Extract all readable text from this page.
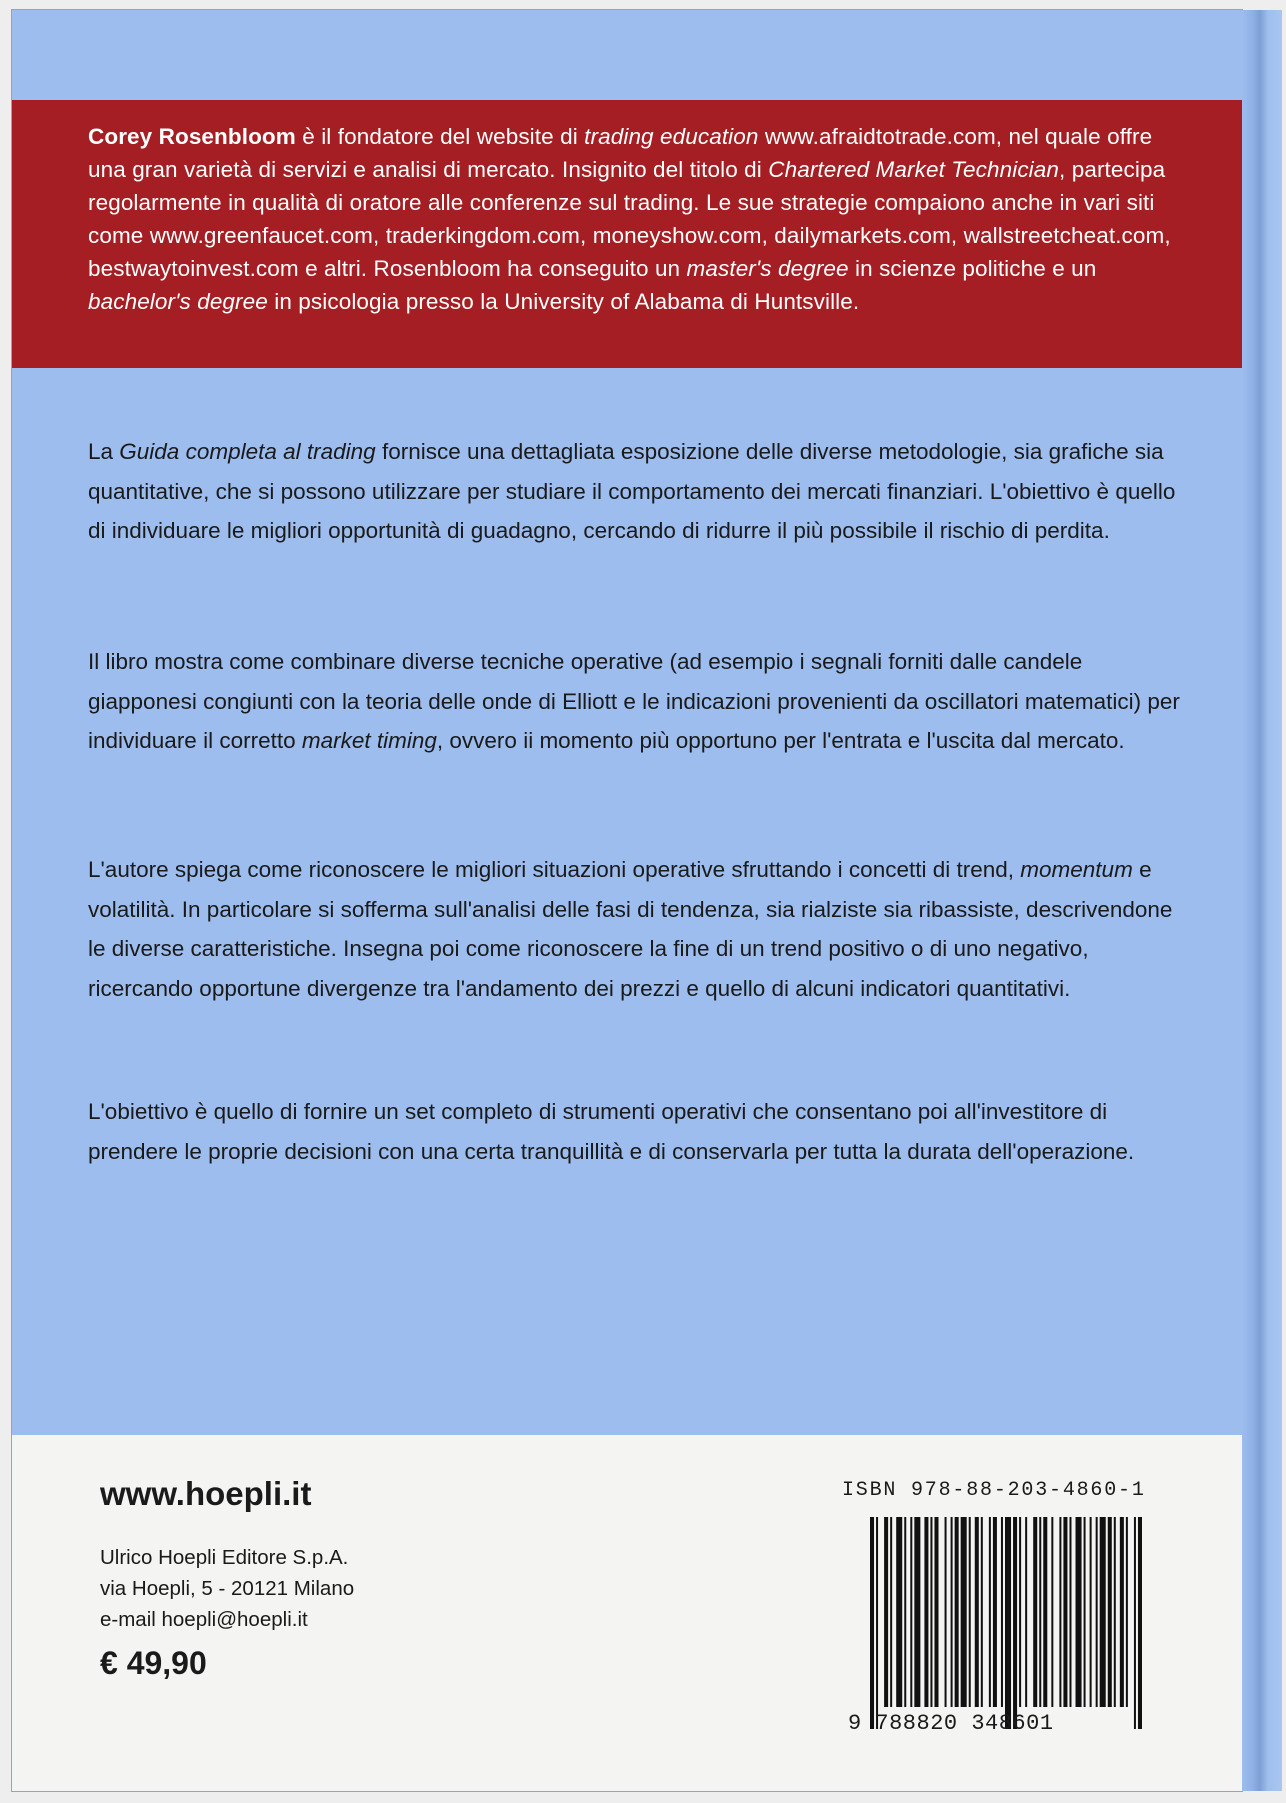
Corey Rosenbloom è il fondatore del website di trading education www.afraidtotrade.com, nel quale offre una gran varietà di servizi e analisi di mercato. Insignito del titolo di Chartered Market Technician, partecipa regolarmente in qualità di oratore alle conferenze sul trading. Le sue strategie compaiono anche in vari siti come www.greenfaucet.com, traderkingdom.com, moneyshow.com, dailymarkets.com, wallstreetcheat.com, bestwaytoinvest.com e altri. Rosenbloom ha conseguito un master's degree in scienze politiche e un bachelor's degree in psicologia presso la University of Alabama di Huntsville.
La Guida completa al trading fornisce una dettagliata esposizione delle diverse metodologie, sia grafiche sia quantitative, che si possono utilizzare per studiare il comportamento dei mercati finanziari. L'obiettivo è quello di individuare le migliori opportunità di guadagno, cercando di ridurre il più possibile il rischio di perdita.
Il libro mostra come combinare diverse tecniche operative (ad esempio i segnali forniti dalle candele giapponesi congiunti con la teoria delle onde di Elliott e le indicazioni provenienti da oscillatori matematici) per individuare il corretto market timing, ovvero ii momento più opportuno per l'entrata e l'uscita dal mercato.
L'autore spiega come riconoscere le migliori situazioni operative sfruttando i concetti di trend, momentum e volatilità. In particolare si sofferma sull'analisi delle fasi di tendenza, sia rialziste sia ribassiste, descrivendone le diverse caratteristiche. Insegna poi come riconoscere la fine di un trend positivo o di uno negativo, ricercando opportune divergenze tra l'andamento dei prezzi e quello di alcuni indicatori quantitativi.
L'obiettivo è quello di fornire un set completo di strumenti operativi che consentano poi all'investitore di prendere le proprie decisioni con una certa tranquillità e di conservarla per tutta la durata dell'operazione.
www.hoepli.it
Ulrico Hoepli Editore S.p.A.
via Hoepli, 5 - 20121 Milano
e-mail hoepli@hoepli.it
€ 49,90
ISBN 978-88-203-4860-1
9 788820 348601
